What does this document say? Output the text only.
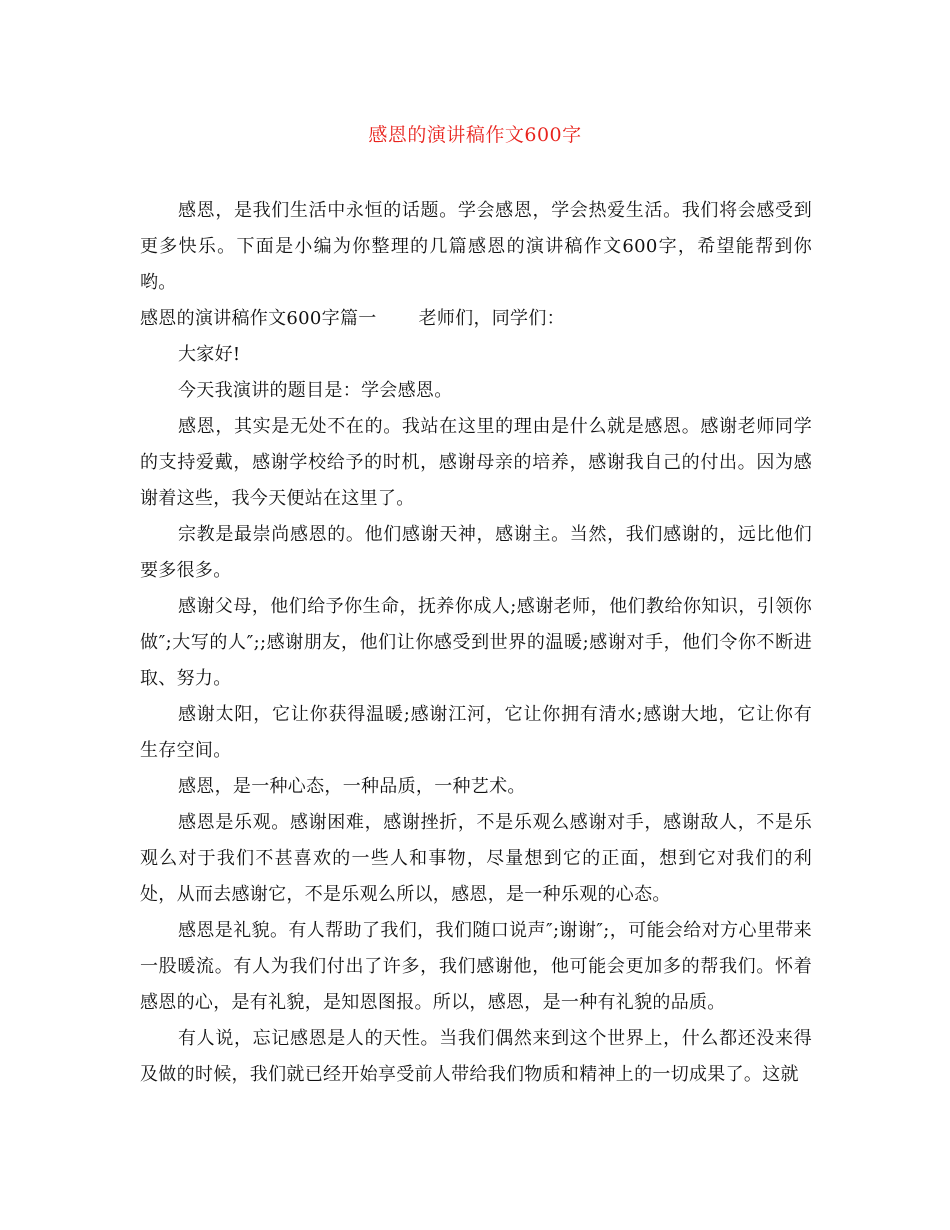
感恩的演讲稿作文600字

感恩，是我们生活中永恒的话题。学会感恩，学会热爱生活。我们将会感受到更多快乐。下面是小编为你整理的几篇感恩的演讲稿作文600字，希望能帮到你哟。

感恩的演讲稿作文600字篇一 老师们，同学们：

大家好!

今天我演讲的题目是：学会感恩。

感恩，其实是无处不在的。我站在这里的理由是什么就是感恩。感谢老师同学的支持爱戴，感谢学校给予的时机，感谢母亲的培养，感谢我自己的付出。因为感谢着这些，我今天便站在这里了。

宗教是最崇尚感恩的。他们感谢天神，感谢主。当然，我们感谢的，远比他们要多很多。

感谢父母，他们给予你生命，抚养你成人;感谢老师，他们教给你知识，引领你做″;大写的人″;;感谢朋友，他们让你感受到世界的温暖;感谢对手，他们令你不断进取、努力。

感谢太阳，它让你获得温暖;感谢江河，它让你拥有清水;感谢大地，它让你有生存空间。

感恩，是一种心态，一种品质，一种艺术。

感恩是乐观。感谢困难，感谢挫折，不是乐观么感谢对手，感谢敌人，不是乐观么对于我们不甚喜欢的一些人和事物，尽量想到它的正面，想到它对我们的利处，从而去感谢它，不是乐观么所以，感恩，是一种乐观的心态。

感恩是礼貌。有人帮助了我们，我们随口说声″;谢谢″;，可能会给对方心里带来一股暖流。有人为我们付出了许多，我们感谢他，他可能会更加多的帮我们。怀着感恩的心，是有礼貌，是知恩图报。所以，感恩，是一种有礼貌的品质。

有人说，忘记感恩是人的天性。当我们偶然来到这个世界上，什么都还没来得及做的时候，我们就已经开始享受前人带给我们物质和精神上的一切成果了。这就
